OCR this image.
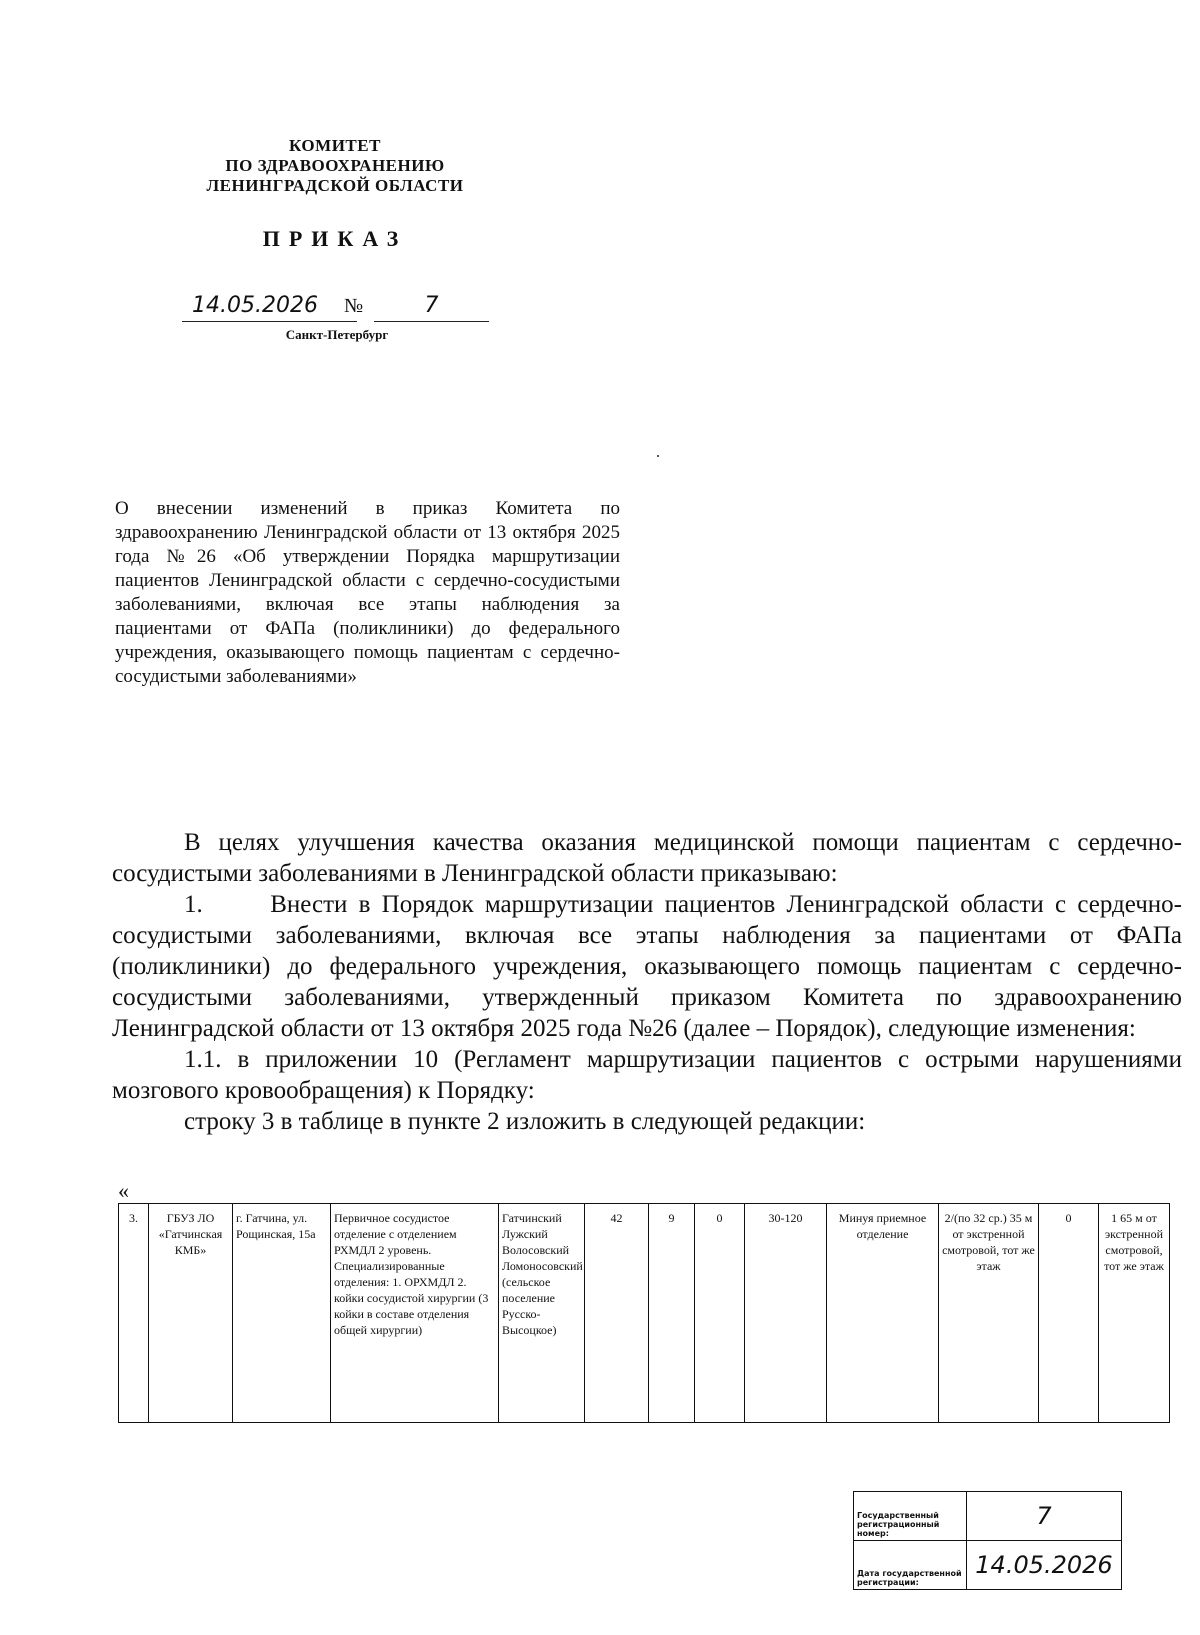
КОМИТЕТ
ПО ЗДРАВООХРАНЕНИЮ
ЛЕНИНГРАДСКОЙ ОБЛАСТИ
ПРИКАЗ
14.05.2026	№	7
Санкт-Петербург
О внесении изменений в приказ Комитета по здравоохранению Ленинградской области от 13 октября 2025 года №26 «Об утверждении Порядка маршрутизации пациентов Ленинградской области с сердечно-сосудистыми заболеваниями, включая все этапы наблюдения за пациентами от ФАПа (поликлиники) до федерального учреждения, оказывающего помощь пациентам с сердечно-сосудистыми заболеваниями»

В целях улучшения качества оказания медицинской помощи пациентам с сердечно-сосудистыми заболеваниями в Ленинградской области приказываю:

1.      Внести в Порядок маршрутизации пациентов Ленинградской области с сердечно-сосудистыми заболеваниями, включая все этапы наблюдения за пациентами от ФАПа (поликлиники) до федерального учреждения, оказывающего помощь пациентам с сердечно-сосудистыми заболеваниями, утвержденный приказом Комитета по здравоохранению Ленинградской области от 13 октября 2025 года №26 (далее – Порядок), следующие изменения:

1.1. в приложении 10 (Регламент маршрутизации пациентов с острыми нарушениями мозгового кровообращения) к Порядку:

строку 3 в таблице в пункте 2 изложить в следующей редакции:

«
3.	ГБУЗ ЛО «Гатчинская КМБ»	г. Гатчина, ул. Рощинская, 15а	Первичное сосудистое отделение с отделением РХМДЛ 2 уровень. Специализированные отделения: 1. ОРХМДЛ 2. койки сосудистой хирургии (3 койки в составе отделения общей хирургии)	Гатчинский Лужский Волосовский Ломоносовский (сельское поселение Русско-Высоцкое)	42	9	0	30-120	Минуя приемное отделение	2/(по 32 ср.) 35 м от экстренной смотровой, тот же этаж	0	1 65 м от экстренной смотровой, тот же этаж
Государственный регистрационный номер:	7
Дата государственной регистрации:	14.05.2026
